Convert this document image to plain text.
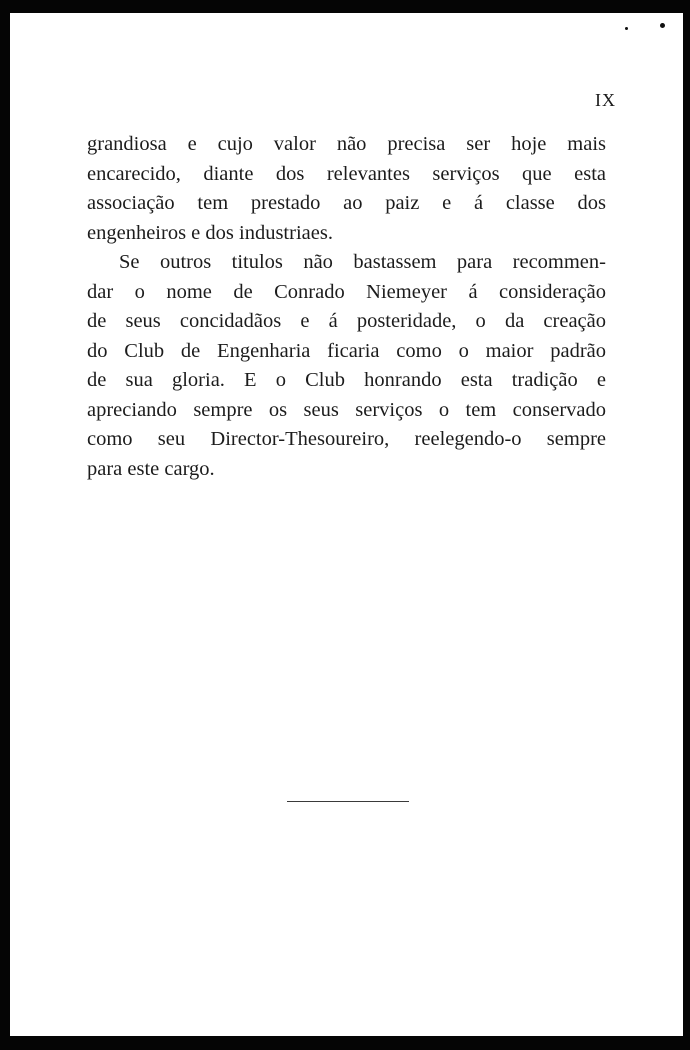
IX
grandiosa e cujo valor não precisa ser hoje mais
encarecido, diante dos relevantes serviços que esta
associação tem prestado ao paiz e á classe dos
engenheiros e dos industriaes.
Se outros titulos não bastassem para recommen-
dar o nome de Conrado Niemeyer á consideração
de seus concidadãos e á posteridade, o da creação
do Club de Engenharia ficaria como o maior padrão
de sua gloria. E o Club honrando esta tradição e
apreciando sempre os seus serviços o tem conservado
como seu Director-Thesoureiro, reelegendo-o sempre
para este cargo.
